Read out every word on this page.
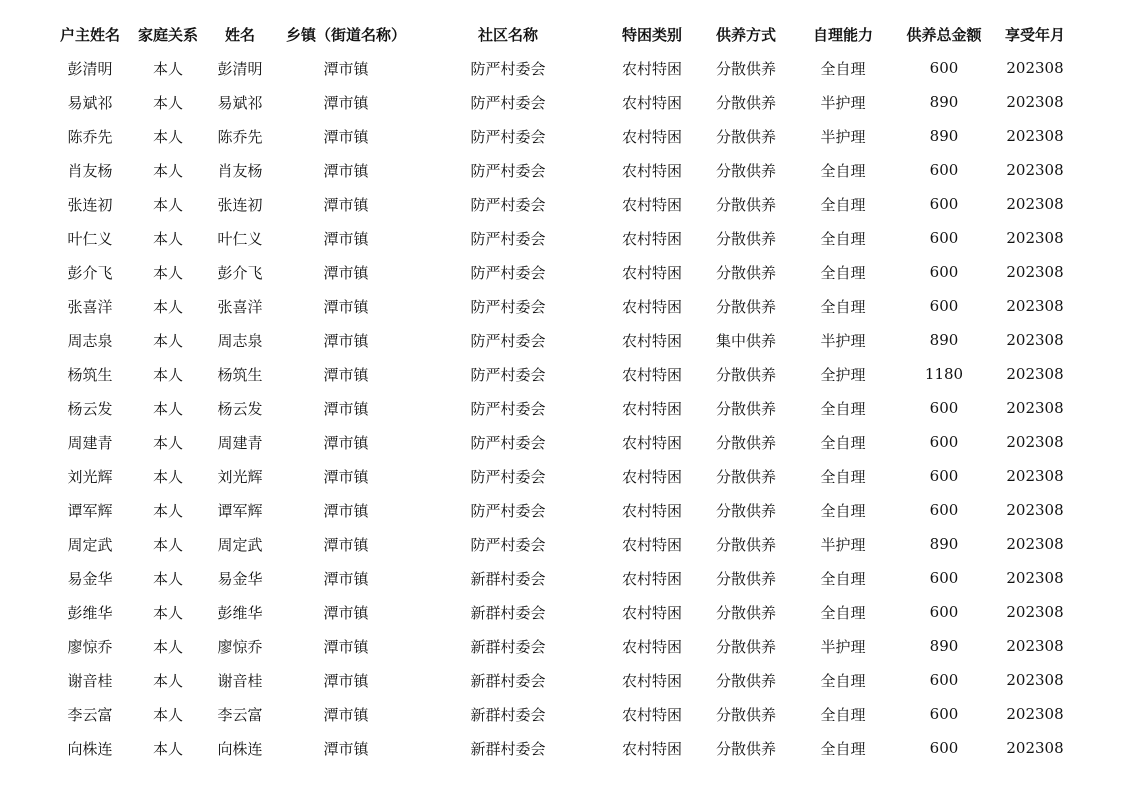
户主姓名	家庭关系	姓名	乡镇（街道名称）	社区名称	特困类别	供养方式	自理能力	供养总金额	享受年月
彭清明	本人	彭清明	潭市镇	防严村委会	农村特困	分散供养	全自理	600	202308
易斌祁	本人	易斌祁	潭市镇	防严村委会	农村特困	分散供养	半护理	890	202308
陈乔先	本人	陈乔先	潭市镇	防严村委会	农村特困	分散供养	半护理	890	202308
肖友杨	本人	肖友杨	潭市镇	防严村委会	农村特困	分散供养	全自理	600	202308
张连初	本人	张连初	潭市镇	防严村委会	农村特困	分散供养	全自理	600	202308
叶仁义	本人	叶仁义	潭市镇	防严村委会	农村特困	分散供养	全自理	600	202308
彭介飞	本人	彭介飞	潭市镇	防严村委会	农村特困	分散供养	全自理	600	202308
张喜洋	本人	张喜洋	潭市镇	防严村委会	农村特困	分散供养	全自理	600	202308
周志泉	本人	周志泉	潭市镇	防严村委会	农村特困	集中供养	半护理	890	202308
杨筑生	本人	杨筑生	潭市镇	防严村委会	农村特困	分散供养	全护理	1180	202308
杨云发	本人	杨云发	潭市镇	防严村委会	农村特困	分散供养	全自理	600	202308
周建青	本人	周建青	潭市镇	防严村委会	农村特困	分散供养	全自理	600	202308
刘光辉	本人	刘光辉	潭市镇	防严村委会	农村特困	分散供养	全自理	600	202308
谭军辉	本人	谭军辉	潭市镇	防严村委会	农村特困	分散供养	全自理	600	202308
周定武	本人	周定武	潭市镇	防严村委会	农村特困	分散供养	半护理	890	202308
易金华	本人	易金华	潭市镇	新群村委会	农村特困	分散供养	全自理	600	202308
彭维华	本人	彭维华	潭市镇	新群村委会	农村特困	分散供养	全自理	600	202308
廖惊乔	本人	廖惊乔	潭市镇	新群村委会	农村特困	分散供养	半护理	890	202308
谢音桂	本人	谢音桂	潭市镇	新群村委会	农村特困	分散供养	全自理	600	202308
李云富	本人	李云富	潭市镇	新群村委会	农村特困	分散供养	全自理	600	202308
向株连	本人	向株连	潭市镇	新群村委会	农村特困	分散供养	全自理	600	202308
